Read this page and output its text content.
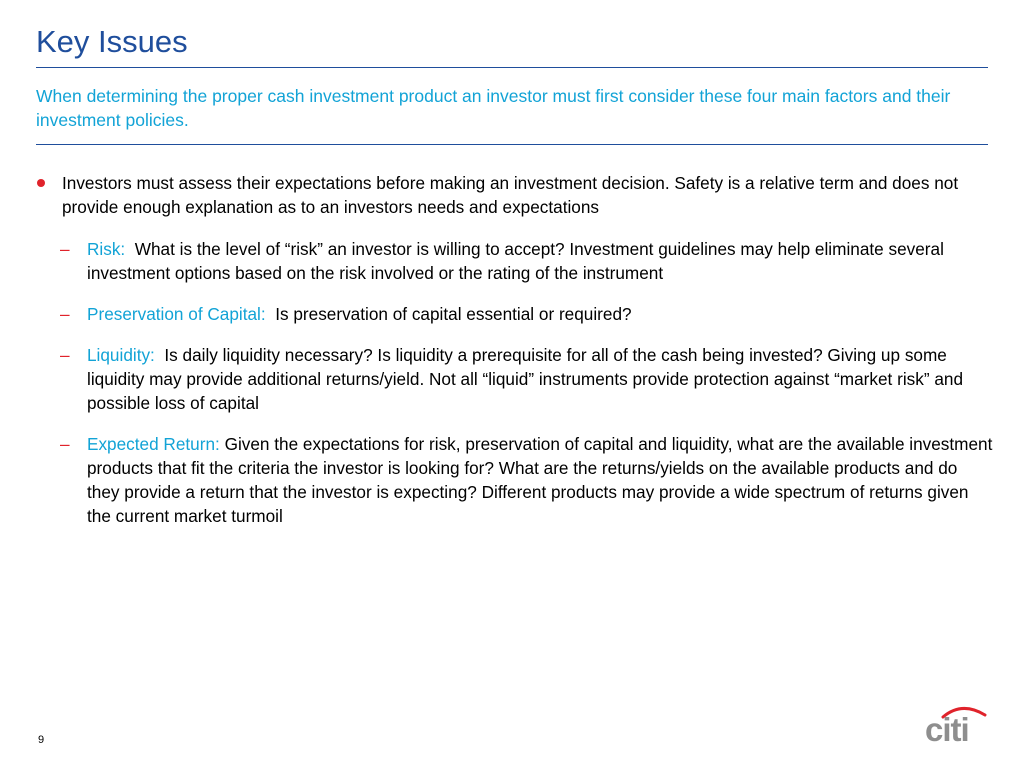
Key Issues
When determining the proper cash investment product an investor must first consider these four main factors and their investment policies.
Investors must assess their expectations before making an investment decision. Safety is a relative term and does not provide enough explanation as to an investors needs and expectations
– Risk: What is the level of “risk” an investor is willing to accept? Investment guidelines may help eliminate several investment options based on the risk involved or the rating of the instrument
– Preservation of Capital: Is preservation of capital essential or required?
– Liquidity: Is daily liquidity necessary? Is liquidity a prerequisite for all of the cash being invested? Giving up some liquidity may provide additional returns/yield. Not all “liquid” instruments provide protection against “market risk” and possible loss of capital
– Expected Return: Given the expectations for risk, preservation of capital and liquidity, what are the available investment products that fit the criteria the investor is looking for? What are the returns/yields on the available products and do they provide a return that the investor is expecting? Different products may provide a wide spectrum of returns given the current market turmoil
9	citi
